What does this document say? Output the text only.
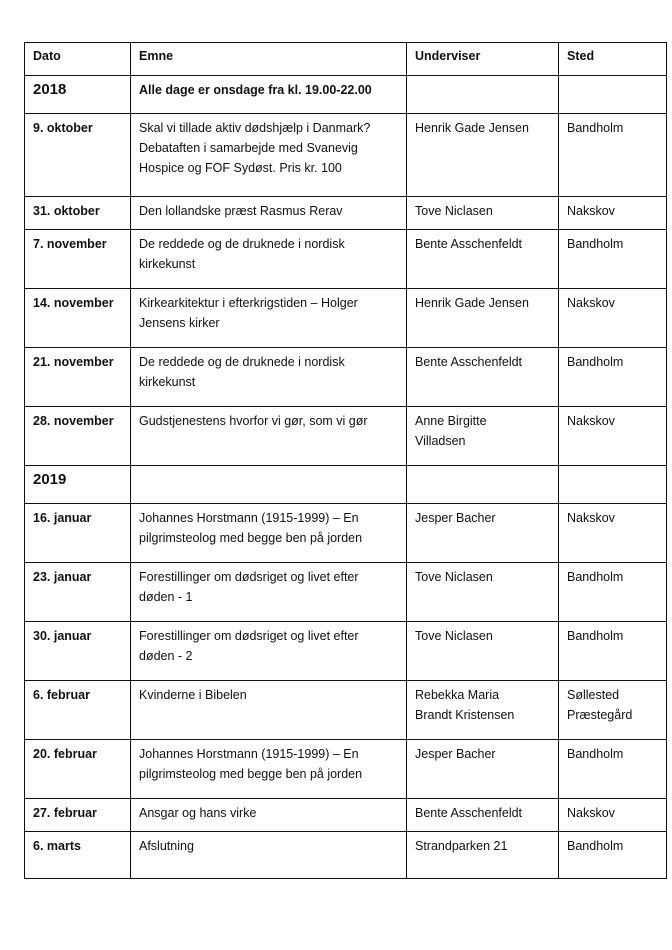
Dato	Emne	Underviser	Sted
2018	Alle dage er onsdage fra kl. 19.00-22.00		
9. oktober	Skal vi tillade aktiv dødshjælp i Danmark?
Debataften i samarbejde med Svanevig
Hospice og FOF Sydøst. Pris kr. 100	Henrik Gade Jensen	Bandholm
31. oktober	Den lollandske præst Rasmus Rerav	Tove Niclasen	Nakskov
7. november	De reddede og de druknede i nordisk
kirkekunst	Bente Asschenfeldt	Bandholm
14. november	Kirkearkitektur i efterkrigstiden – Holger
Jensens kirker	Henrik Gade Jensen	Nakskov
21. november	De reddede og de druknede i nordisk
kirkekunst	Bente Asschenfeldt	Bandholm
28. november	Gudstjenestens hvorfor vi gør, som vi gør	Anne Birgitte
Villadsen	Nakskov
2019			
16. januar	Johannes Horstmann (1915-1999) – En
pilgrimsteolog med begge ben på jorden	Jesper Bacher	Nakskov
23. januar	Forestillinger om dødsriget og livet efter
døden - 1	Tove Niclasen	Bandholm
30. januar	Forestillinger om dødsriget og livet efter
døden - 2	Tove Niclasen	Bandholm
6. februar	Kvinderne i Bibelen	Rebekka Maria
Brandt Kristensen	Søllested
Præstegård
20. februar	Johannes Horstmann (1915-1999) – En
pilgrimsteolog med begge ben på jorden	Jesper Bacher	Bandholm
27. februar	Ansgar og hans virke	Bente Asschenfeldt	Nakskov
6. marts	Afslutning	Strandparken 21	Bandholm
